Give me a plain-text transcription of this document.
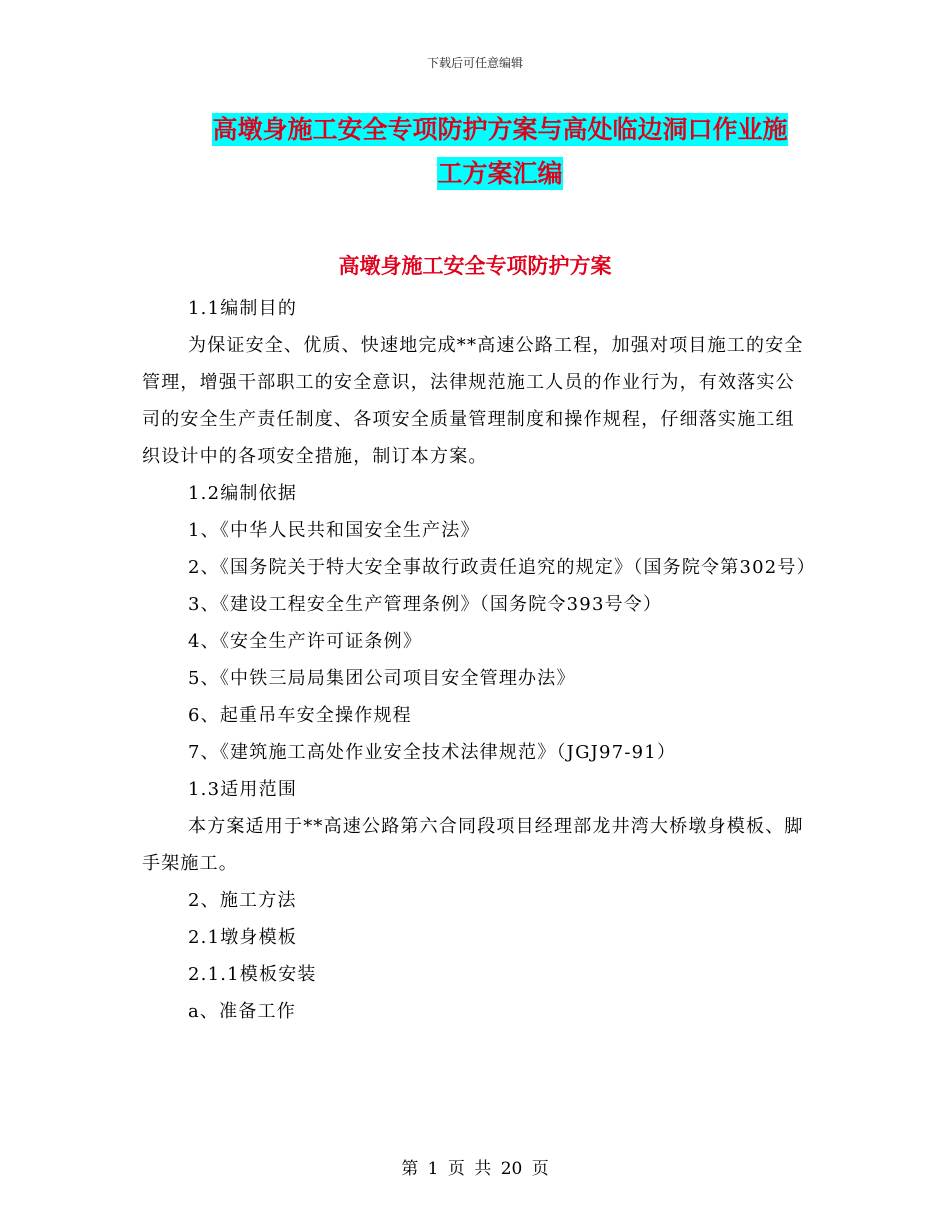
下载后可任意编辑
高墩身施工安全专项防护方案与高处临边洞口作业施
工方案汇编
高墩身施工安全专项防护方案

1.1编制目的

为保证安全、优质、快速地完成**高速公路工程，加强对项目施工的安全管理，增强干部职工的安全意识，法律规范施工人员的作业行为，有效落实公司的安全生产责任制度、各项安全质量管理制度和操作规程，仔细落实施工组织设计中的各项安全措施，制订本方案。

1.2编制依据

1、《中华人民共和国安全生产法》

2、《国务院关于特大安全事故行政责任追究的规定》（国务院令第302号）

3、《建设工程安全生产管理条例》（国务院令393号令）

4、《安全生产许可证条例》

5、《中铁三局局集团公司项目安全管理办法》

6、起重吊车安全操作规程

7、《建筑施工高处作业安全技术法律规范》（JGJ97-91）

1.3适用范围

本方案适用于**高速公路第六合同段项目经理部龙井湾大桥墩身模板、脚手架施工。

2、施工方法

2.1墩身模板

2.1.1模板安装

a、准备工作

第 1 页 共 20 页
